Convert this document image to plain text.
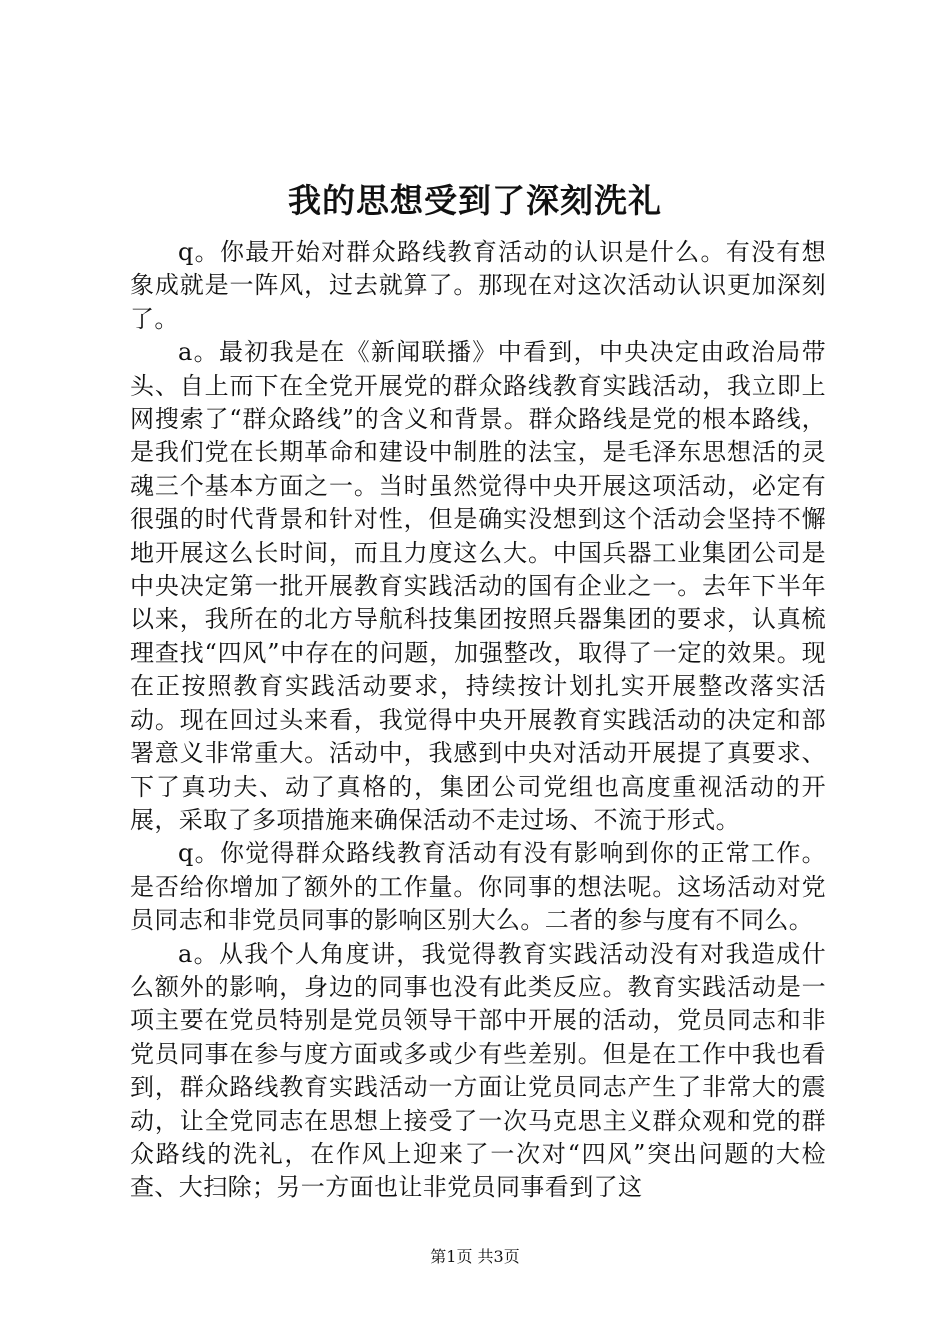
我的思想受到了深刻洗礼

q。你最开始对群众路线教育活动的认识是什么。有没有想象成就是一阵风，过去就算了。那现在对这次活动认识更加深刻了。

a。最初我是在《新闻联播》中看到，中央决定由政治局带头、自上而下在全党开展党的群众路线教育实践活动，我立即上网搜索了“群众路线”的含义和背景。群众路线是党的根本路线，是我们党在长期革命和建设中制胜的法宝，是毛泽东思想活的灵魂三个基本方面之一。当时虽然觉得中央开展这项活动，必定有很强的时代背景和针对性，但是确实没想到这个活动会坚持不懈地开展这么长时间，而且力度这么大。中国兵器工业集团公司是中央决定第一批开展教育实践活动的国有企业之一。去年下半年以来，我所在的北方导航科技集团按照兵器集团的要求，认真梳理查找“四风”中存在的问题，加强整改，取得了一定的效果。现在正按照教育实践活动要求，持续按计划扎实开展整改落实活动。现在回过头来看，我觉得中央开展教育实践活动的决定和部署意义非常重大。活动中，我感到中央对活动开展提了真要求、下了真功夫、动了真格的，集团公司党组也高度重视活动的开展，采取了多项措施来确保活动不走过场、不流于形式。

q。你觉得群众路线教育活动有没有影响到你的正常工作。是否给你增加了额外的工作量。你同事的想法呢。这场活动对党员同志和非党员同事的影响区别大么。二者的参与度有不同么。

a。从我个人角度讲，我觉得教育实践活动没有对我造成什么额外的影响，身边的同事也没有此类反应。教育实践活动是一项主要在党员特别是党员领导干部中开展的活动，党员同志和非党员同事在参与度方面或多或少有些差别。但是在工作中我也看到，群众路线教育实践活动一方面让党员同志产生了非常大的震动，让全党同志在思想上接受了一次马克思主义群众观和党的群众路线的洗礼，在作风上迎来了一次对“四风”突出问题的大检查、大扫除；另一方面也让非党员同事看到了这

第1页 共3页
